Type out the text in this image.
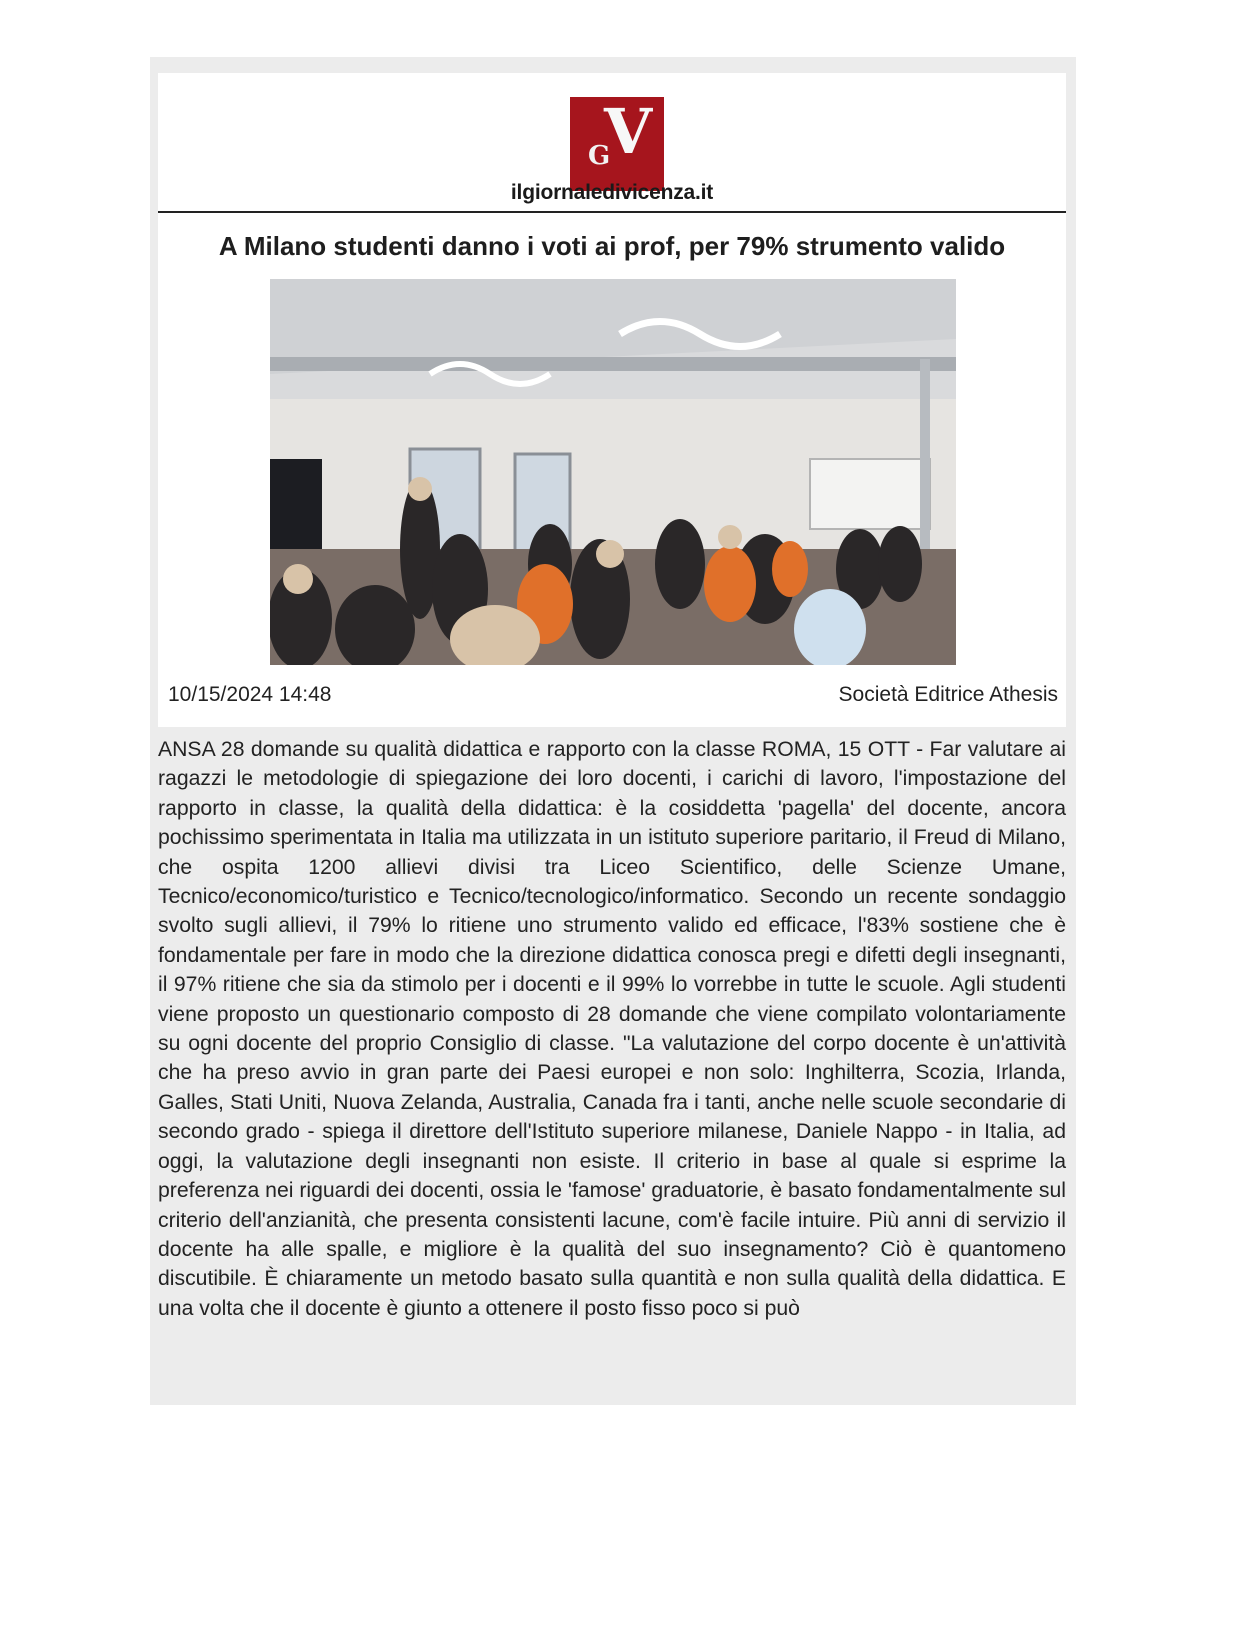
G
V
ilgiornaledivicenza.it
A Milano studenti danno i voti ai prof, per 79% strumento valido
10/15/2024 14:48	Società Editrice Athesis
ANSA 28 domande su qualità didattica e rapporto con la classe ROMA, 15 OTT - Far valutare ai ragazzi le metodologie di spiegazione dei loro docenti, i carichi di lavoro, l'impostazione del rapporto in classe, la qualità della didattica: è la cosiddetta 'pagella' del docente, ancora pochissimo sperimentata in Italia ma utilizzata in un istituto superiore paritario, il Freud di Milano, che ospita 1200 allievi divisi tra Liceo Scientifico, delle Scienze Umane, Tecnico/economico/turistico e Tecnico/tecnologico/informatico. Secondo un recente sondaggio svolto sugli allievi, il 79% lo ritiene uno strumento valido ed efficace, l'83% sostiene che è fondamentale per fare in modo che la direzione didattica conosca pregi e difetti degli insegnanti, il 97% ritiene che sia da stimolo per i docenti e il 99% lo vorrebbe in tutte le scuole. Agli studenti viene proposto un questionario composto di 28 domande che viene compilato volontariamente su ogni docente del proprio Consiglio di classe. "La valutazione del corpo docente è un'attività che ha preso avvio in gran parte dei Paesi europei e non solo: Inghilterra, Scozia, Irlanda, Galles, Stati Uniti, Nuova Zelanda, Australia, Canada fra i tanti, anche nelle scuole secondarie di secondo grado - spiega il direttore dell'Istituto superiore milanese, Daniele Nappo - in Italia, ad oggi, la valutazione degli insegnanti non esiste. Il criterio in base al quale si esprime la preferenza nei riguardi dei docenti, ossia le 'famose' graduatorie, è basato fondamentalmente sul criterio dell'anzianità, che presenta consistenti lacune, com'è facile intuire. Più anni di servizio il docente ha alle spalle, e migliore è la qualità del suo insegnamento? Ciò è quantomeno discutibile. È chiaramente un metodo basato sulla quantità e non sulla qualità della didattica. E una volta che il docente è giunto a ottenere il posto fisso poco si può
